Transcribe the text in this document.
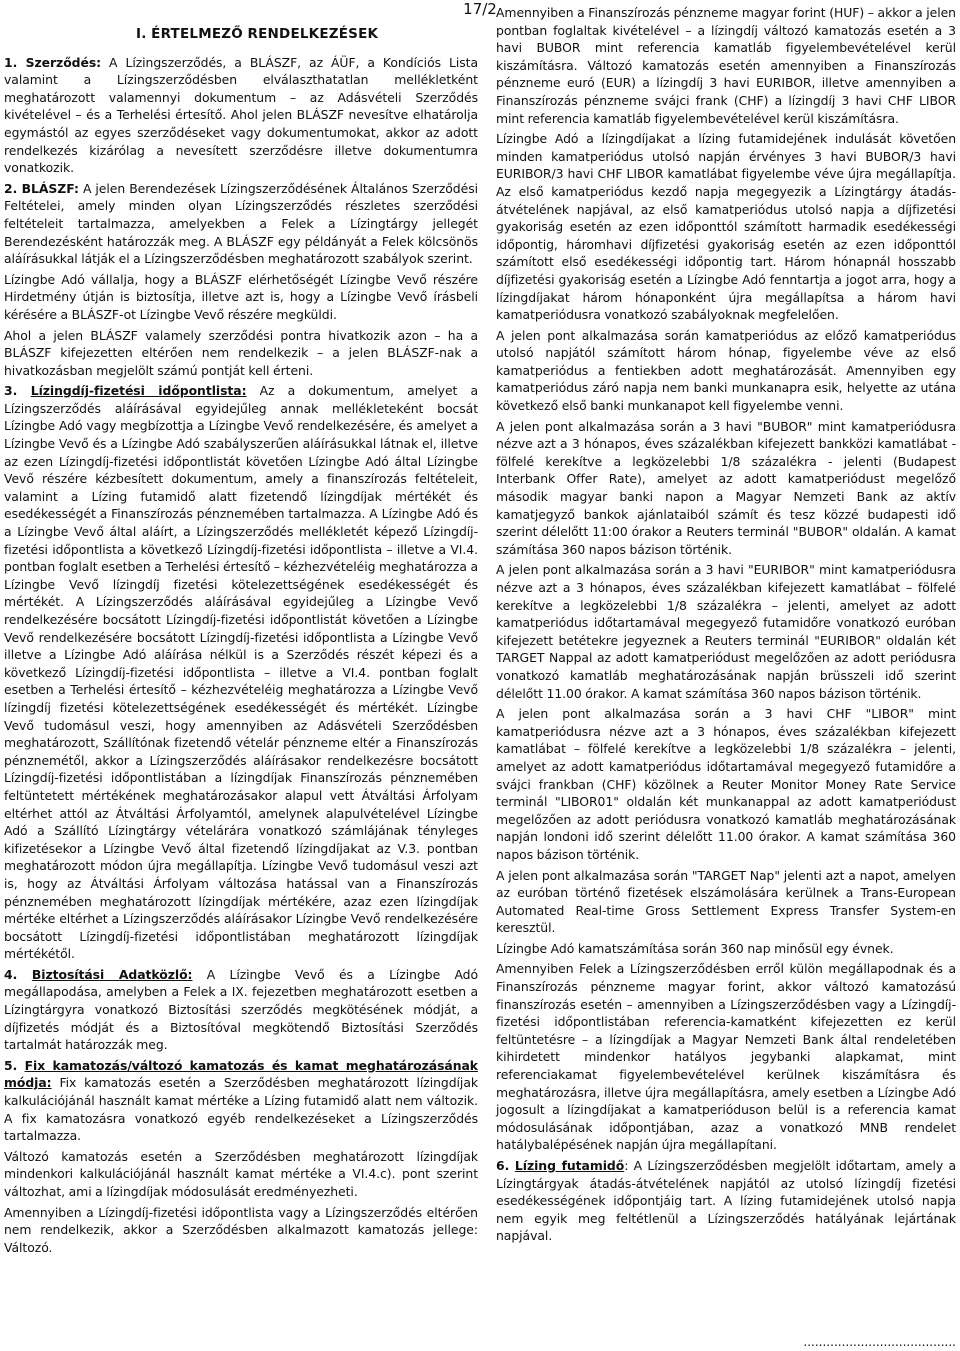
17/2

I. ÉRTELMEZŐ RENDELKEZÉSEK

1. Szerződés: A Lízingszerződés, a BLÁSZF, az ÁÜF, a Kondíciós Lista valamint a Lízingszerződésben elválaszthatatlan mellékletként meghatározott valamennyi dokumentum – az Adásvételi Szerződés kivételével – és a Terhelési értesítő. Ahol jelen BLÁSZF nevesítve elhatárolja egymástól az egyes szerződéseket vagy dokumentumokat, akkor az adott rendelkezés kizárólag a nevesített szerződésre illetve dokumentumra vonatkozik.

2. BLÁSZF: A jelen Berendezések Lízingszerződésének Általános Szerződési Feltételei, amely minden olyan Lízingszerződés részletes szerződési feltételeit tartalmazza, amelyekben a Felek a Lízingtárgy jellegét Berendezésként határozzák meg. A BLÁSZF egy példányát a Felek kölcsönös aláírásukkal látják el a Lízingszerződésben meghatározott szabályok szerint.

Lízingbe Adó vállalja, hogy a BLÁSZF elérhetőségét Lízingbe Vevő részére Hirdetmény útján is biztosítja, illetve azt is, hogy a Lízingbe Vevő írásbeli kérésére a BLÁSZF-ot Lízingbe Vevő részére megküldi.

Ahol a jelen BLÁSZF valamely szerződési pontra hivatkozik azon – ha a BLÁSZF kifejezetten eltérően nem rendelkezik – a jelen BLÁSZF-nak a hivatkozásban megjelölt számú pontját kell érteni.

3. Lízingdíj-fizetési időpontlista: Az a dokumentum, amelyet a Lízingszerződés aláírásával egyidejűleg annak mellékleteként bocsát Lízingbe Adó vagy megbízottja a Lízingbe Vevő rendelkezésére, és amelyet a Lízingbe Vevő és a Lízingbe Adó szabályszerűen aláírásukkal látnak el, illetve az ezen Lízingdíj-fizetési időpontlistát követően Lízingbe Adó által Lízingbe Vevő részére kézbesített dokumentum, amely a finanszírozás feltételeit, valamint a Lízing futamidő alatt fizetendő lízingdíjak mértékét és esedékességét a Finanszírozás pénznemében tartalmazza. A Lízingbe Adó és a Lízingbe Vevő által aláírt, a Lízingszerződés mellékletét képező Lízingdíj-fizetési időpontlista a következő Lízingdíj-fizetési időpontlista – illetve a VI.4. pontban foglalt esetben a Terhelési értesítő – kézhezvételéig meghatározza a Lízingbe Vevő lízingdíj fizetési kötelezettségének esedékességét és mértékét. A Lízingszerződés aláírásával egyidejűleg a Lízingbe Vevő rendelkezésére bocsátott Lízingdíj-fizetési időpontlistát követően a Lízingbe Vevő rendelkezésére bocsátott Lízingdíj-fizetési időpontlista a Lízingbe Vevő illetve a Lízingbe Adó aláírása nélkül is a Szerződés részét képezi és a következő Lízingdíj-fizetési időpontlista – illetve a VI.4. pontban foglalt esetben a Terhelési értesítő – kézhezvételéig meghatározza a Lízingbe Vevő lízingdíj fizetési kötelezettségének esedékességét és mértékét. Lízingbe Vevő tudomásul veszi, hogy amennyiben az Adásvételi Szerződésben meghatározott, Szállítónak fizetendő vételár pénzneme eltér a Finanszírozás pénznemétől, akkor a Lízingszerződés aláírásakor rendelkezésre bocsátott Lízingdíj-fizetési időpontlistában a lízingdíjak Finanszírozás pénznemében feltüntetett mértékének meghatározásakor alapul vett Átváltási Árfolyam eltérhet attól az Átváltási Árfolyamtól, amelynek alapulvételével Lízingbe Adó a Szállító Lízingtárgy vételárára vonatkozó számlájának tényleges kifizetésekor a Lízingbe Vevő által fizetendő lízingdíjakat az V.3. pontban meghatározott módon újra megállapítja. Lízingbe Vevő tudomásul veszi azt is, hogy az Átváltási Árfolyam változása hatással van a Finanszírozás pénznemében meghatározott lízingdíjak mértékére, azaz ezen lízingdíjak mértéke eltérhet a Lízingszerződés aláírásakor Lízingbe Vevő rendelkezésére bocsátott Lízingdíj-fizetési időpontlistában meghatározott lízingdíjak mértékétől.

4. Biztosítási Adatközlő: A Lízingbe Vevő és a Lízingbe Adó megállapodása, amelyben a Felek a IX. fejezetben meghatározott esetben a Lízingtárgyra vonatkozó Biztosítási szerződés megkötésének módját, a díjfizetés módját és a Biztosítóval megkötendő Biztosítási Szerződés tartalmát határozzák meg.

5. Fix kamatozás/változó kamatozás és kamat meghatározásának módja: Fix kamatozás esetén a Szerződésben meghatározott lízingdíjak kalkulációjánál használt kamat mértéke a Lízing futamidő alatt nem változik. A fix kamatozásra vonatkozó egyéb rendelkezéseket a Lízingszerződés tartalmazza.

Változó kamatozás esetén a Szerződésben meghatározott lízingdíjak mindenkori kalkulációjánál használt kamat mértéke a VI.4.c). pont szerint változhat, ami a lízingdíjak módosulását eredményezheti.

Amennyiben a Lízingdíj-fizetési időpontlista vagy a Lízingszerződés eltérően nem rendelkezik, akkor a Szerződésben alkalmazott kamatozás jellege: Változó.

Amennyiben a Finanszírozás pénzneme magyar forint (HUF) – akkor a jelen pontban foglaltak kivételével – a lízingdíj változó kamatozás esetén a 3 havi BUBOR mint referencia kamatláb figyelembevételével kerül kiszámításra. Változó kamatozás esetén amennyiben a Finanszírozás pénzneme euró (EUR) a lízingdíj 3 havi EURIBOR, illetve amennyiben a Finanszírozás pénzneme svájci frank (CHF) a lízingdíj 3 havi CHF LIBOR mint referencia kamatláb figyelembevételével kerül kiszámításra.

Lízingbe Adó a lízingdíjakat a lízing futamidejének indulását követően minden kamatperiódus utolsó napján érvényes 3 havi BUBOR/3 havi EURIBOR/3 havi CHF LIBOR kamatlábat figyelembe véve újra megállapítja. Az első kamatperiódus kezdő napja megegyezik a Lízingtárgy átadás-átvételének napjával, az első kamatperiódus utolsó napja a díjfizetési gyakoriság esetén az ezen időponttól számított harmadik esedékességi időpontig, háromhavi díjfizetési gyakoriság esetén az ezen időponttól számított első esedékességi időpontig tart. Három hónapnál hosszabb díjfizetési gyakoriság esetén a Lízingbe Adó fenntartja a jogot arra, hogy a lízingdíjakat három hónaponként újra megállapítsa a három havi kamatperiódusra vonatkozó szabályoknak megfelelően.

A jelen pont alkalmazása során kamatperiódus az előző kamatperiódus utolsó napjától számított három hónap, figyelembe véve az első kamatperiódus a fentiekben adott meghatározását. Amennyiben egy kamatperiódus záró napja nem banki munkanapra esik, helyette az utána következő első banki munkanapot kell figyelembe venni.

A jelen pont alkalmazása során a 3 havi "BUBOR" mint kamatperiódusra nézve azt a 3 hónapos, éves százalékban kifejezett bankközi kamatlábat - fölfelé kerekítve a legközelebbi 1/8 százalékra - jelenti (Budapest Interbank Offer Rate), amelyet az adott kamatperiódust megelőző második magyar banki napon a Magyar Nemzeti Bank az aktív kamatjegyző bankok ajánlataiból számít és tesz közzé budapesti idő szerint délelőtt 11:00 órakor a Reuters terminál "BUBOR" oldalán. A kamat számítása 360 napos bázison történik.

A jelen pont alkalmazása során a 3 havi "EURIBOR" mint kamatperiódusra nézve azt a 3 hónapos, éves százalékban kifejezett kamatlábat – fölfelé kerekítve a legközelebbi 1/8 százalékra – jelenti, amelyet az adott kamatperiódus időtartamával megegyező futamidőre vonatkozó euróban kifejezett betétekre jegyeznek a Reuters terminál "EURIBOR" oldalán két TARGET Nappal az adott kamatperiódust megelőzően az adott periódusra vonatkozó kamatláb meghatározásának napján brüsszeli idő szerint délelőtt 11.00 órakor. A kamat számítása 360 napos bázison történik.

A jelen pont alkalmazása során a 3 havi CHF "LIBOR" mint kamatperiódusra nézve azt a 3 hónapos, éves százalékban kifejezett kamatlábat – fölfelé kerekítve a legközelebbi 1/8 százalékra – jelenti, amelyet az adott kamatperiódus időtartamával megegyező futamidőre a svájci frankban (CHF) közölnek a Reuter Monitor Money Rate Service terminál "LIBOR01" oldalán két munkanappal az adott kamatperiódust megelőzően az adott periódusra vonatkozó kamatláb meghatározásának napján londoni idő szerint délelőtt 11.00 órakor. A kamat számítása 360 napos bázison történik.

A jelen pont alkalmazása során "TARGET Nap" jelenti azt a napot, amelyen az euróban történő fizetések elszámolására kerülnek a Trans-European Automated Real-time Gross Settlement Express Transfer System-en keresztül.

Lízingbe Adó kamatszámítása során 360 nap minősül egy évnek.

Amennyiben Felek a Lízingszerződésben erről külön megállapodnak és a Finanszírozás pénzneme magyar forint, akkor változó kamatozású finanszírozás esetén – amennyiben a Lízingszerződésben vagy a Lízingdíj-fizetési időpontlistában referencia-kamatként kifejezetten ez kerül feltüntetésre – a lízingdíjak a Magyar Nemzeti Bank által rendeletében kihirdetett mindenkor hatályos jegybanki alapkamat, mint referenciakamat figyelembevételével kerülnek kiszámításra és meghatározásra, illetve újra megállapításra, amely esetben a Lízingbe Adó jogosult a lízingdíjakat a kamatperióduson belül is a referencia kamat módosulásának időpontjában, azaz a vonatkozó MNB rendelet hatálybalépésének napján újra megállapítani.

6. Lízing futamidő: A Lízingszerződésben megjelölt időtartam, amely a Lízingtárgyak átadás-átvételének napjától az utolsó lízingdíj fizetési esedékességének időpontjáig tart. A lízing futamidejének utolsó napja nem egyik meg feltétlenül a Lízingszerződés hatályának lejártának napjával.

........................................
